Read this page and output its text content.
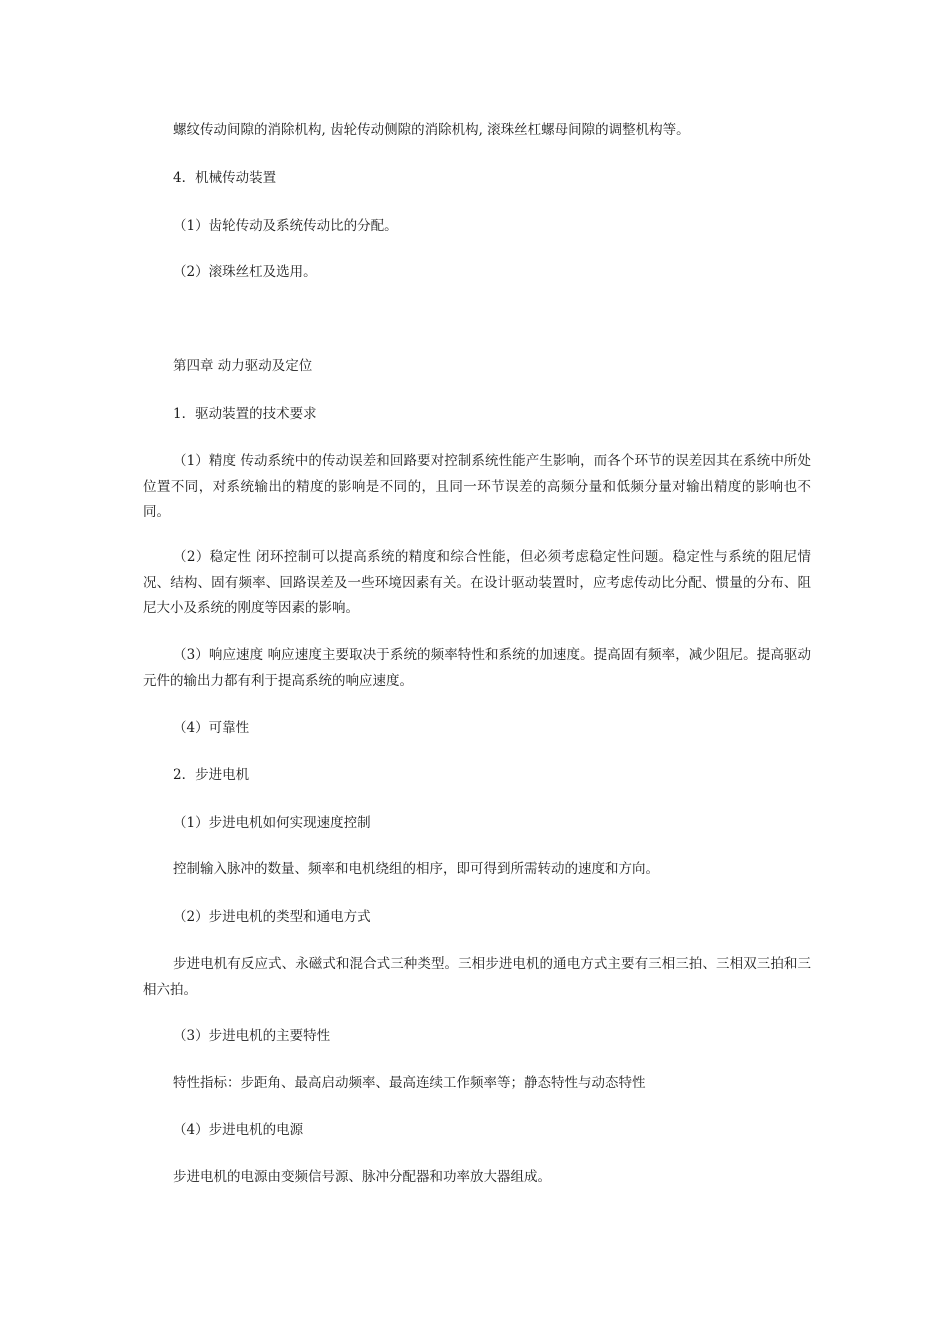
螺纹传动间隙的消除机构, 齿轮传动侧隙的消除机构, 滚珠丝杠螺母间隙的调整机构等。
4．机械传动装置
（1）齿轮传动及系统传动比的分配。
（2）滚珠丝杠及选用。
第四章 动力驱动及定位
1．驱动装置的技术要求
（1）精度 传动系统中的传动误差和回路要对控制系统性能产生影响，而各个环节的误差因其在系统中所处位置不同，对系统输出的精度的影响是不同的，且同一环节误差的高频分量和低频分量对输出精度的影响也不同。
（2）稳定性 闭环控制可以提高系统的精度和综合性能，但必须考虑稳定性问题。稳定性与系统的阻尼情况、结构、固有频率、回路误差及一些环境因素有关。在设计驱动装置时，应考虑传动比分配、惯量的分布、阻尼大小及系统的刚度等因素的影响。
（3）响应速度 响应速度主要取决于系统的频率特性和系统的加速度。提高固有频率，减少阻尼。提高驱动元件的输出力都有利于提高系统的响应速度。
（4）可靠性
2．步进电机
（1）步进电机如何实现速度控制
控制输入脉冲的数量、频率和电机绕组的相序，即可得到所需转动的速度和方向。
（2）步进电机的类型和通电方式
步进电机有反应式、永磁式和混合式三种类型。三相步进电机的通电方式主要有三相三拍、三相双三拍和三相六拍。
（3）步进电机的主要特性
特性指标：步距角、最高启动频率、最高连续工作频率等；静态特性与动态特性
（4）步进电机的电源
步进电机的电源由变频信号源、脉冲分配器和功率放大器组成。
